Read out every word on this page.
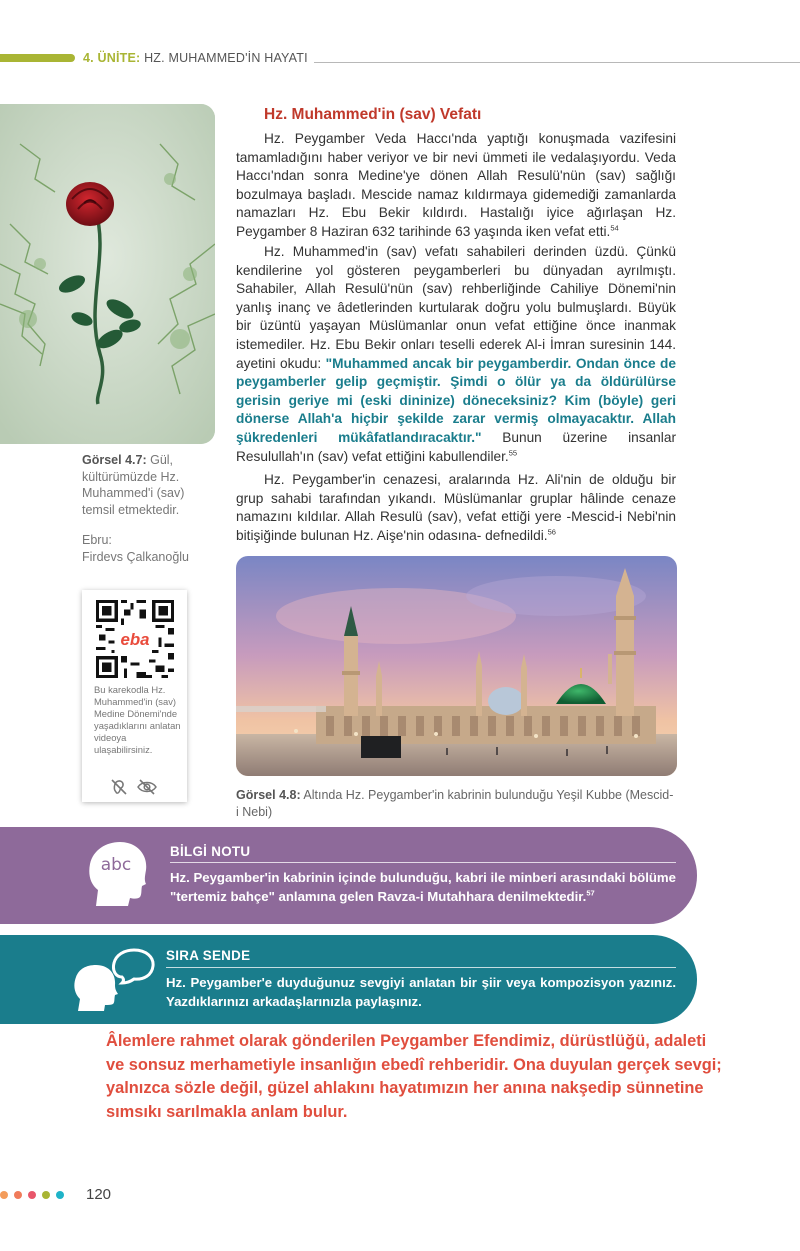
4. ÜNİTE: HZ. MUHAMMED'İN HAYATI
Görsel 4.7: Gül, kültürümüzde Hz. Muhammed'i (sav) temsil etmektedir.
Ebru:
Firdevs Çalkanoğlu
eba
Bu karekodla Hz. Muhammed'in (sav) Medine Dönemi'nde yaşadıklarını anlatan videoya ulaşabilirsiniz.
Hz. Muhammed'in (sav) Vefatı

Hz. Peygamber Veda Haccı'nda yaptığı konuşmada vazifesini tamamladığını haber veriyor ve bir nevi ümmeti ile vedalaşıyordu. Veda Haccı'ndan sonra Medine'ye dönen Allah Resulü'nün (sav) sağlığı bozulmaya başladı. Mescide namaz kıldırmaya gidemediği zamanlarda namazları Hz. Ebu Bekir kıldırdı. Hastalığı iyice ağırlaşan Hz. Peygamber 8 Haziran 632 tarihinde 63 yaşında iken vefat etti.$^{54}$

Hz. Muhammed'in (sav) vefatı sahabileri derinden üzdü. Çünkü kendilerine yol gösteren peygamberleri bu dünyadan ayrılmıştı. Sahabiler, Allah Resulü'nün (sav) rehberliğinde Cahiliye Dönemi'nin yanlış inanç ve âdetlerinden kurtularak doğru yolu bulmuşlardı. Büyük bir üzüntü yaşayan Müslümanlar onun vefat ettiğine önce inanmak istemediler. Hz. Ebu Bekir onları teselli ederek Al-i İmran suresinin 144. ayetini okudu: "Muhammed ancak bir peygamberdir. Ondan önce de peygamberler gelip geçmiştir. Şimdi o ölür ya da öldürülürse gerisin geriye mi (eski dininize) döneceksiniz? Kim (böyle) geri dönerse Allah'a hiçbir şekilde zarar vermiş olmayacaktır. Allah şükredenleri mükâfatlandıracaktır." Bunun üzerine insanlar Resulullah'ın (sav) vefat ettiğini kabullendiler.$^{55}$

Hz. Peygamber'in cenazesi, aralarında Hz. Ali'nin de olduğu bir grup sahabi tarafından yıkandı. Müslümanlar gruplar hâlinde cenaze namazını kıldılar. Allah Resulü (sav), vefat ettiği yere -Mescid-i Nebi'nin bitişiğinde bulunan Hz. Aişe'nin odasına- defnedildi.$^{56}$

Görsel 4.8: Altında Hz. Peygamber'in kabrinin bulunduğu Yeşil Kubbe (Mescid-i Nebi)
abc
BİLGİ NOTU
Hz. Peygamber'in kabrinin içinde bulunduğu, kabri ile minberi arasındaki bölüme "tertemiz bahçe" anlamına gelen Ravza-i Mutahhara denilmektedir.$^{57}$
SIRA SENDE
Hz. Peygamber'e duyduğunuz sevgiyi anlatan bir şiir veya kompozisyon yazınız. Yazdıklarınızı arkadaşlarınızla paylaşınız.
Âlemlere rahmet olarak gönderilen Peygamber Efendimiz, dürüstlüğü, adaleti ve sonsuz merhametiyle insanlığın ebedî rehberidir. Ona duyulan gerçek sevgi; yalnızca sözle değil, güzel ahlakını hayatımızın her anına nakşedip sünnetine sımsıkı sarılmakla anlam bulur.
120
